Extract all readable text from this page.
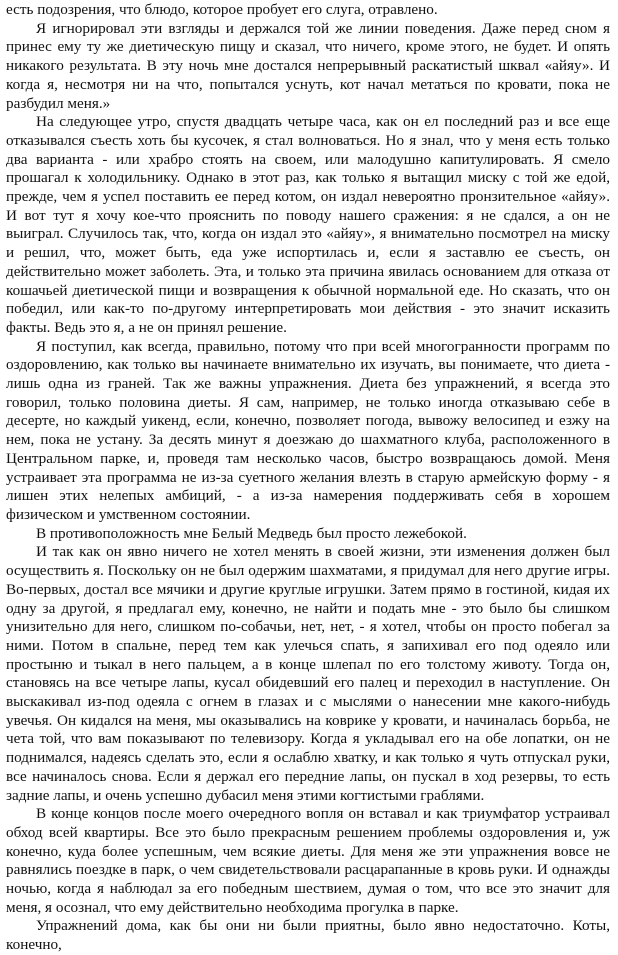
есть подозрения, что блюдо, которое пробует его слуга, отравлено.

Я игнорировал эти взгляды и держался той же линии поведения. Даже перед сном я принес ему ту же диетическую пищу и сказал, что ничего, кроме этого, не будет. И опять никакого результата. В эту ночь мне достался непрерывный раскатистый шквал «айяу». И когда я, несмотря ни на что, попытался уснуть, кот начал метаться по кровати, пока не разбудил меня.»

На следующее утро, спустя двадцать четыре часа, как он ел последний раз и все еще отказывался съесть хоть бы кусочек, я стал волноваться. Но я знал, что у меня есть только два варианта - или храбро стоять на своем, или малодушно капитулировать. Я смело прошагал к холодильнику. Однако в этот раз, как только я вытащил миску с той же едой, прежде, чем я успел поставить ее перед котом, он издал невероятно пронзительное «айяу». И вот тут я хочу кое-что прояснить по поводу нашего сражения: я не сдался, а он не выиграл. Случилось так, что, когда он издал это «айяу», я внимательно посмотрел на миску и решил, что, может быть, еда уже испортилась и, если я заставлю ее съесть, он действительно может заболеть. Эта, и только эта причина явилась основанием для отказа от кошачьей диетической пищи и возвращения к обычной нормальной еде. Но сказать, что он победил, или как-то по-другому интерпретировать мои действия - это значит исказить факты. Ведь это я, а не он принял решение.

Я поступил, как всегда, правильно, потому что при всей многогранности программ по оздоровлению, как только вы начинаете внимательно их изучать, вы понимаете, что диета - лишь одна из граней. Так же важны упражнения. Диета без упражнений, я всегда это говорил, только половина диеты. Я сам, например, не только иногда отказываю себе в десерте, но каждый уикенд, если, конечно, позволяет погода, вывожу велосипед и езжу на нем, пока не устану. За десять минут я доезжаю до шахматного клуба, расположенного в Центральном парке, и, проведя там несколько часов, быстро возвращаюсь домой. Меня устраивает эта программа не из-за суетного желания влезть в старую армейскую форму - я лишен этих нелепых амбиций, - а из-за намерения поддерживать себя в хорошем физическом и умственном состоянии.

В противоположность мне Белый Медведь был просто лежебокой.

И так как он явно ничего не хотел менять в своей жизни, эти изменения должен был осуществить я. Поскольку он не был одержим шахматами, я придумал для него другие игры. Во-первых, достал все мячики и другие круглые игрушки. Затем прямо в гостиной, кидая их одну за другой, я предлагал ему, конечно, не найти и подать мне - это было бы слишком унизительно для него, слишком по-собачьи, нет, нет, - я хотел, чтобы он просто побегал за ними. Потом в спальне, перед тем как улечься спать, я запихивал его под одеяло или простыню и тыкал в него пальцем, а в конце шлепал по его толстому животу. Тогда он, становясь на все четыре лапы, кусал обидевший его палец и переходил в наступление. Он выскакивал из-под одеяла с огнем в глазах и с мыслями о нанесении мне какого-нибудь увечья. Он кидался на меня, мы оказывались на коврике у кровати, и начиналась борьба, не чета той, что вам показывают по телевизору. Когда я укладывал его на обе лопатки, он не поднимался, надеясь сделать это, если я ослаблю хватку, и как только я чуть отпускал руки, все начиналось снова. Если я держал его передние лапы, он пускал в ход резервы, то есть задние лапы, и очень успешно дубасил меня этими когтистыми граблями.

В конце концов после моего очередного вопля он вставал и как триумфатор устраивал обход всей квартиры. Все это было прекрасным решением проблемы оздоровления и, уж конечно, куда более успешным, чем всякие диеты. Для меня же эти упражнения вовсе не равнялись поездке в парк, о чем свидетельствовали расцарапанные в кровь руки. И однажды ночью, когда я наблюдал за его победным шествием, думая о том, что все это значит для меня, я осознал, что ему действительно необходима прогулка в парке.

Упражнений дома, как бы они ни были приятны, было явно недостаточно. Коты, конечно,
